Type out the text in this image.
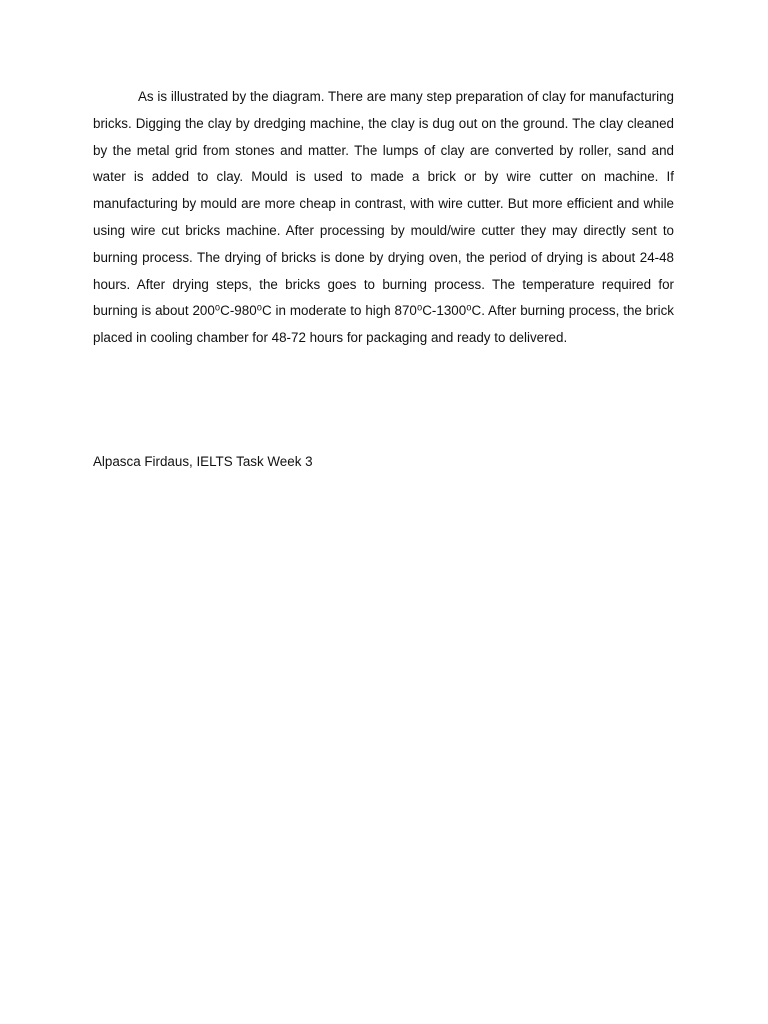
As is illustrated by the diagram. There are many step preparation of clay for manufacturing bricks. Digging the clay by dredging machine, the clay is dug out on the ground. The clay cleaned by the metal grid from stones and matter. The lumps of clay are converted by roller, sand and water is added to clay. Mould is used to made a brick or by wire cutter on machine. If manufacturing by mould are more cheap in contrast, with wire cutter. But more efficient and while using wire cut bricks machine. After processing by mould/wire cutter they may directly sent to burning process. The drying of bricks is done by drying oven, the period of drying is about 24-48 hours. After drying steps, the bricks goes to burning process. The temperature required for burning is about 200⁰C-980⁰C in moderate to high 870⁰C-1300⁰C. After burning process, the brick placed in cooling chamber for 48-72 hours for packaging and ready to delivered.

Alpasca Firdaus, IELTS Task Week 3
